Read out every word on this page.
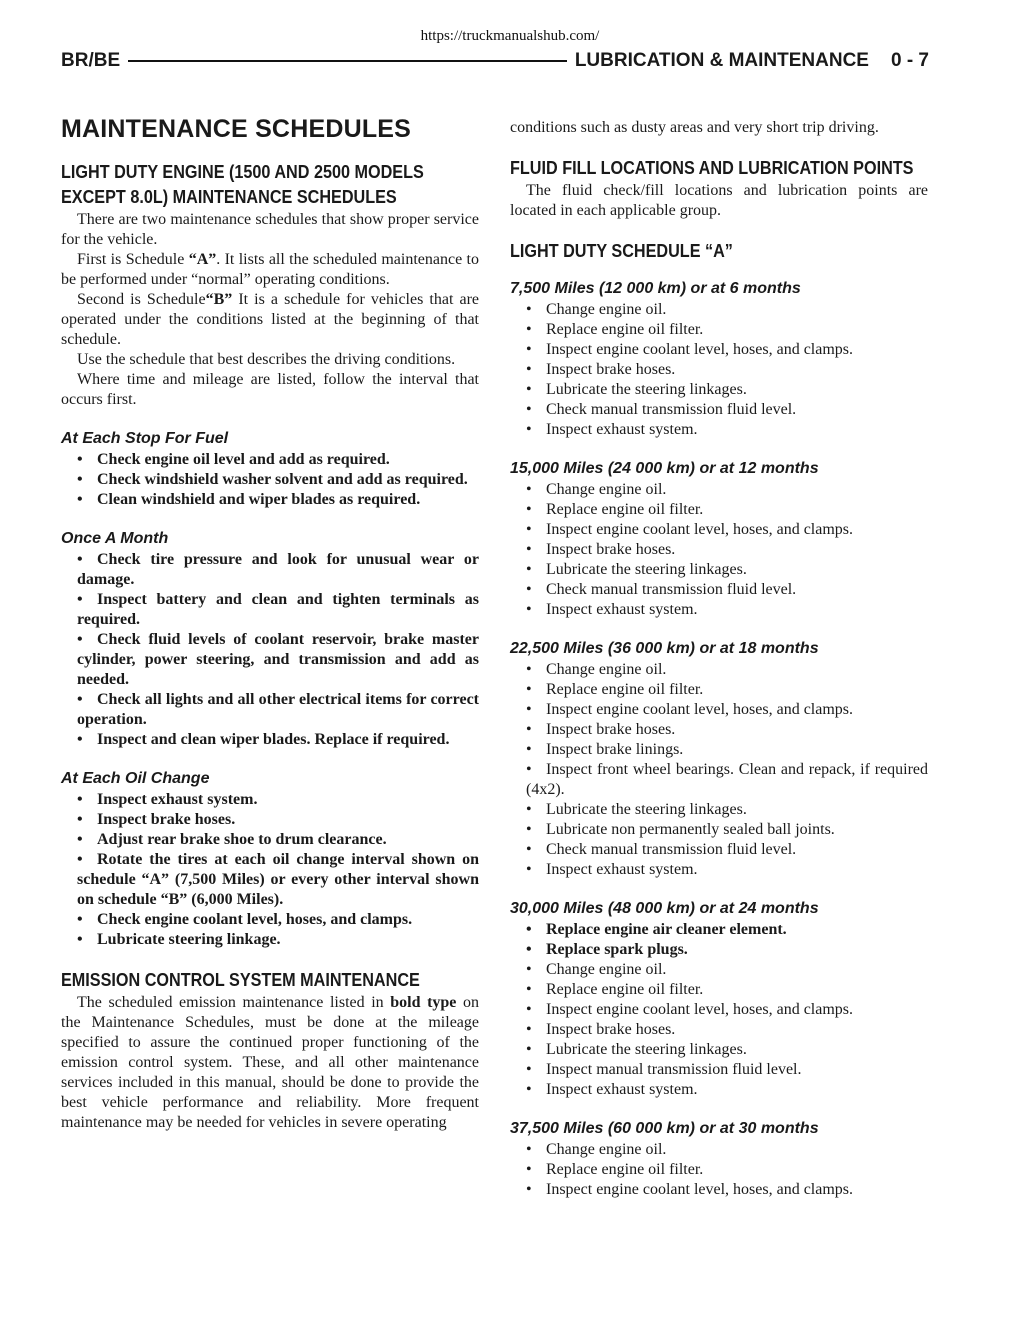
https://truckmanualshub.com/
BR/BE	LUBRICATION & MAINTENANCE 0 - 7
MAINTENANCE SCHEDULES
LIGHT DUTY ENGINE (1500 AND 2500 MODELS EXCEPT 8.0L) MAINTENANCE SCHEDULES

There are two maintenance schedules that show proper service for the vehicle.

First is Schedule “A”. It lists all the scheduled maintenance to be performed under “normal” operating conditions.

Second is Schedule“B” It is a schedule for vehicles that are operated under the conditions listed at the beginning of that schedule.

Use the schedule that best describes the driving conditions.

Where time and mileage are listed, follow the interval that occurs first.

At Each Stop For Fuel
• Check engine oil level and add as required.
• Check windshield washer solvent and add as required.
• Clean windshield and wiper blades as required.
Once A Month
• Check tire pressure and look for unusual wear or damage.
• Inspect battery and clean and tighten terminals as required.
• Check fluid levels of coolant reservoir, brake master cylinder, power steering, and transmission and add as needed.
• Check all lights and all other electrical items for correct operation.
• Inspect and clean wiper blades. Replace if required.
At Each Oil Change
• Inspect exhaust system.
• Inspect brake hoses.
• Adjust rear brake shoe to drum clearance.
• Rotate the tires at each oil change interval shown on schedule “A” (7,500 Miles) or every other interval shown on schedule “B” (6,000 Miles).
• Check engine coolant level, hoses, and clamps.
• Lubricate steering linkage.
EMISSION CONTROL SYSTEM MAINTENANCE

The scheduled emission maintenance listed in bold type on the Maintenance Schedules, must be done at the mileage specified to assure the continued proper functioning of the emission control system. These, and all other maintenance services included in this manual, should be done to provide the best vehicle performance and reliability. More frequent maintenance may be needed for vehicles in severe operating

conditions such as dusty areas and very short trip driving.

FLUID FILL LOCATIONS AND LUBRICATION POINTS

The fluid check/fill locations and lubrication points are located in each applicable group.

LIGHT DUTY SCHEDULE “A”
7,500 Miles (12 000 km) or at 6 months
• Change engine oil.
• Replace engine oil filter.
• Inspect engine coolant level, hoses, and clamps.
• Inspect brake hoses.
• Lubricate the steering linkages.
• Check manual transmission fluid level.
• Inspect exhaust system.
15,000 Miles (24 000 km) or at 12 months
• Change engine oil.
• Replace engine oil filter.
• Inspect engine coolant level, hoses, and clamps.
• Inspect brake hoses.
• Lubricate the steering linkages.
• Check manual transmission fluid level.
• Inspect exhaust system.
22,500 Miles (36 000 km) or at 18 months
• Change engine oil.
• Replace engine oil filter.
• Inspect engine coolant level, hoses, and clamps.
• Inspect brake hoses.
• Inspect brake linings.
• Inspect front wheel bearings. Clean and repack, if required (4x2).
• Lubricate the steering linkages.
• Lubricate non permanently sealed ball joints.
• Check manual transmission fluid level.
• Inspect exhaust system.
30,000 Miles (48 000 km) or at 24 months
• Replace engine air cleaner element.
• Replace spark plugs.
• Change engine oil.
• Replace engine oil filter.
• Inspect engine coolant level, hoses, and clamps.
• Inspect brake hoses.
• Lubricate the steering linkages.
• Inspect manual transmission fluid level.
• Inspect exhaust system.
37,500 Miles (60 000 km) or at 30 months
• Change engine oil.
• Replace engine oil filter.
• Inspect engine coolant level, hoses, and clamps.
